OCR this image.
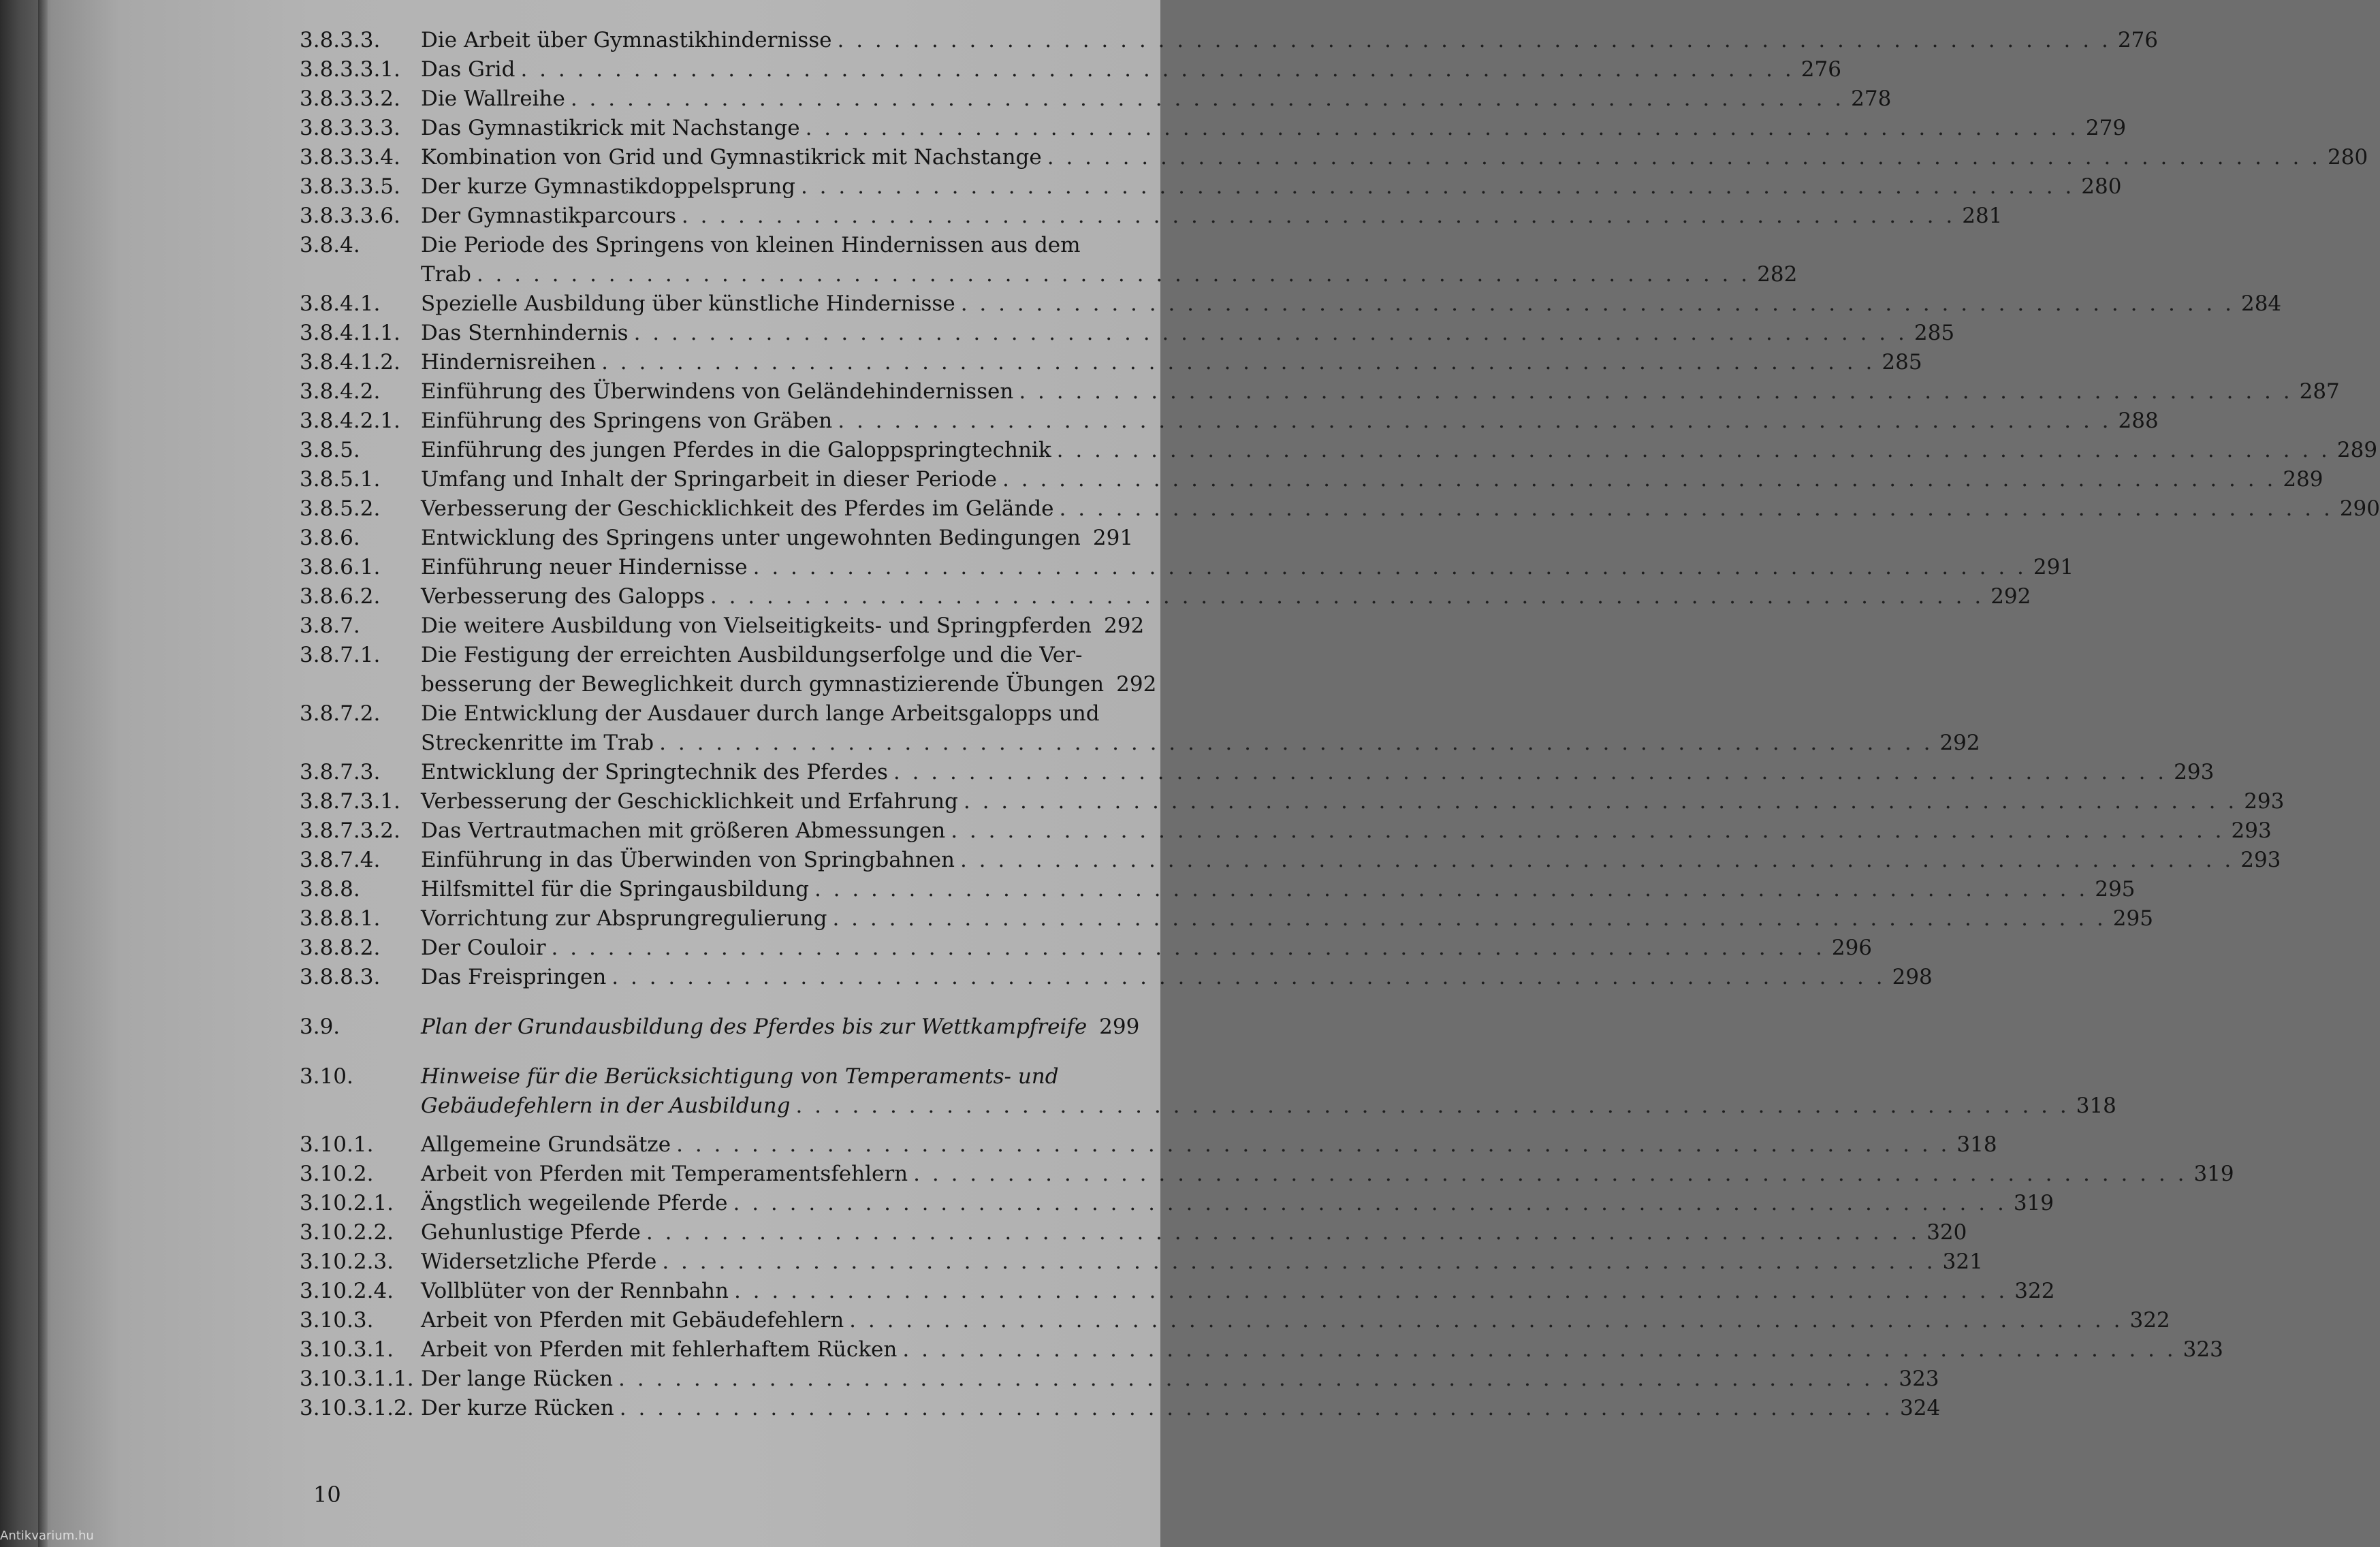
3.8.3.3. Die Arbeit über Gymnastikhindernisse . . . . . . . . . . . . . . . . . . . . . . . . . . . . . . . . . . . . . . . . . . . . . . . . . . . . . . . . . . . . . . . . . . . . 276
3.8.3.3.1. Das Grid . . . . . . . . . . . . . . . . . . . . . . . . . . . . . . . . . . . . . . . . . . . . . . . . . . . . . . . . . . . . . . . . . . . . 276
3.8.3.3.2. Die Wallreihe . . . . . . . . . . . . . . . . . . . . . . . . . . . . . . . . . . . . . . . . . . . . . . . . . . . . . . . . . . . . . . . . . . . . 278
3.8.3.3.3. Das Gymnastikrick mit Nachstange . . . . . . . . . . . . . . . . . . . . . . . . . . . . . . . . . . . . . . . . . . . . . . . . . . . . . . . . . . . . . . . . . . . . 279
3.8.3.3.4. Kombination von Grid und Gymnastikrick mit Nachstange . . . . . . . . . . . . . . . . . . . . . . . . . . . . . . . . . . . . . . . . . . . . . . . . . . . . . . . . . . . . . . . . . . . . 280
3.8.3.3.5. Der kurze Gymnastikdoppelsprung . . . . . . . . . . . . . . . . . . . . . . . . . . . . . . . . . . . . . . . . . . . . . . . . . . . . . . . . . . . . . . . . . . . . 280
3.8.3.3.6. Der Gymnastikparcours . . . . . . . . . . . . . . . . . . . . . . . . . . . . . . . . . . . . . . . . . . . . . . . . . . . . . . . . . . . . . . . . . . . . 281
3.8.4.	Die Periode des Springens von kleinen Hindernissen aus dem
Trab . . . . . . . . . . . . . . . . . . . . . . . . . . . . . . . . . . . . . . . . . . . . . . . . . . . . . . . . . . . . . . . . . . . . 282
3.8.4.1. Spezielle Ausbildung über künstliche Hindernisse . . . . . . . . . . . . . . . . . . . . . . . . . . . . . . . . . . . . . . . . . . . . . . . . . . . . . . . . . . . . . . . . . . . . 284
3.8.4.1.1. Das Sternhindernis . . . . . . . . . . . . . . . . . . . . . . . . . . . . . . . . . . . . . . . . . . . . . . . . . . . . . . . . . . . . . . . . . . . . 285
3.8.4.1.2. Hindernisreihen . . . . . . . . . . . . . . . . . . . . . . . . . . . . . . . . . . . . . . . . . . . . . . . . . . . . . . . . . . . . . . . . . . . . 285
3.8.4.2. Einführung des Überwindens von Geländehindernissen . . . . . . . . . . . . . . . . . . . . . . . . . . . . . . . . . . . . . . . . . . . . . . . . . . . . . . . . . . . . . . . . . . . . 287
3.8.4.2.1. Einführung des Springens von Gräben . . . . . . . . . . . . . . . . . . . . . . . . . . . . . . . . . . . . . . . . . . . . . . . . . . . . . . . . . . . . . . . . . . . . 288
3.8.5.	Einführung des jungen Pferdes in die Galoppspringtechnik . . . . . . . . . . . . . . . . . . . . . . . . . . . . . . . . . . . . . . . . . . . . . . . . . . . . . . . . . . . . . . . . . . . . 289
3.8.5.1. Umfang und Inhalt der Springarbeit in dieser Periode . . . . . . . . . . . . . . . . . . . . . . . . . . . . . . . . . . . . . . . . . . . . . . . . . . . . . . . . . . . . . . . . . . . . 289
3.8.5.2. Verbesserung der Geschicklichkeit des Pferdes im Gelände . . . . . . . . . . . . . . . . . . . . . . . . . . . . . . . . . . . . . . . . . . . . . . . . . . . . . . . . . . . . . . . . . . . . 290
3.8.6.	Entwicklung des Springens unter ungewohnten Bedingungen 291
3.8.6.1. Einführung neuer Hindernisse . . . . . . . . . . . . . . . . . . . . . . . . . . . . . . . . . . . . . . . . . . . . . . . . . . . . . . . . . . . . . . . . . . . . 291
3.8.6.2. Verbesserung des Galopps . . . . . . . . . . . . . . . . . . . . . . . . . . . . . . . . . . . . . . . . . . . . . . . . . . . . . . . . . . . . . . . . . . . . 292
3.8.7.	Die weitere Ausbildung von Vielseitigkeits- und Springpferden 292
3.8.7.1. Die Festigung der erreichten Ausbildungserfolge und die Ver-
besserung der Beweglichkeit durch gymnastizierende Übungen 292
3.8.7.2. Die Entwicklung der Ausdauer durch lange Arbeitsgalopps und
Streckenritte im Trab . . . . . . . . . . . . . . . . . . . . . . . . . . . . . . . . . . . . . . . . . . . . . . . . . . . . . . . . . . . . . . . . . . . . 292
3.8.7.3. Entwicklung der Springtechnik des Pferdes . . . . . . . . . . . . . . . . . . . . . . . . . . . . . . . . . . . . . . . . . . . . . . . . . . . . . . . . . . . . . . . . . . . . 293
3.8.7.3.1. Verbesserung der Geschicklichkeit und Erfahrung . . . . . . . . . . . . . . . . . . . . . . . . . . . . . . . . . . . . . . . . . . . . . . . . . . . . . . . . . . . . . . . . . . . . 293
3.8.7.3.2. Das Vertrautmachen mit größeren Abmessungen . . . . . . . . . . . . . . . . . . . . . . . . . . . . . . . . . . . . . . . . . . . . . . . . . . . . . . . . . . . . . . . . . . . . 293
3.8.7.4. Einführung in das Überwinden von Springbahnen . . . . . . . . . . . . . . . . . . . . . . . . . . . . . . . . . . . . . . . . . . . . . . . . . . . . . . . . . . . . . . . . . . . . 293
3.8.8.	Hilfsmittel für die Springausbildung . . . . . . . . . . . . . . . . . . . . . . . . . . . . . . . . . . . . . . . . . . . . . . . . . . . . . . . . . . . . . . . . . . . . 295
3.8.8.1. Vorrichtung zur Absprungregulierung . . . . . . . . . . . . . . . . . . . . . . . . . . . . . . . . . . . . . . . . . . . . . . . . . . . . . . . . . . . . . . . . . . . . 295
3.8.8.2. Der Couloir . . . . . . . . . . . . . . . . . . . . . . . . . . . . . . . . . . . . . . . . . . . . . . . . . . . . . . . . . . . . . . . . . . . . 296
3.8.8.3. Das Freispringen . . . . . . . . . . . . . . . . . . . . . . . . . . . . . . . . . . . . . . . . . . . . . . . . . . . . . . . . . . . . . . . . . . . . 298
3.9.	Plan der Grundausbildung des Pferdes bis zur Wettkampfreife 299
3.10.	Hinweise für die Berücksichtigung von Temperaments- und
Gebäudefehlern in der Ausbildung . . . . . . . . . . . . . . . . . . . . . . . . . . . . . . . . . . . . . . . . . . . . . . . . . . . . . . . . . . . . . . . . . . . . 318
3.10.1. Allgemeine Grundsätze . . . . . . . . . . . . . . . . . . . . . . . . . . . . . . . . . . . . . . . . . . . . . . . . . . . . . . . . . . . . . . . . . . . . 318
3.10.2. Arbeit von Pferden mit Temperamentsfehlern . . . . . . . . . . . . . . . . . . . . . . . . . . . . . . . . . . . . . . . . . . . . . . . . . . . . . . . . . . . . . . . . . . . . 319
3.10.2.1. Ängstlich wegeilende Pferde . . . . . . . . . . . . . . . . . . . . . . . . . . . . . . . . . . . . . . . . . . . . . . . . . . . . . . . . . . . . . . . . . . . . 319
3.10.2.2. Gehunlustige Pferde . . . . . . . . . . . . . . . . . . . . . . . . . . . . . . . . . . . . . . . . . . . . . . . . . . . . . . . . . . . . . . . . . . . . 320
3.10.2.3. Widersetzliche Pferde . . . . . . . . . . . . . . . . . . . . . . . . . . . . . . . . . . . . . . . . . . . . . . . . . . . . . . . . . . . . . . . . . . . . 321
3.10.2.4. Vollblüter von der Rennbahn . . . . . . . . . . . . . . . . . . . . . . . . . . . . . . . . . . . . . . . . . . . . . . . . . . . . . . . . . . . . . . . . . . . . 322
3.10.3. Arbeit von Pferden mit Gebäudefehlern . . . . . . . . . . . . . . . . . . . . . . . . . . . . . . . . . . . . . . . . . . . . . . . . . . . . . . . . . . . . . . . . . . . . 322
3.10.3.1. Arbeit von Pferden mit fehlerhaftem Rücken . . . . . . . . . . . . . . . . . . . . . . . . . . . . . . . . . . . . . . . . . . . . . . . . . . . . . . . . . . . . . . . . . . . . 323
3.10.3.1.1. Der lange Rücken . . . . . . . . . . . . . . . . . . . . . . . . . . . . . . . . . . . . . . . . . . . . . . . . . . . . . . . . . . . . . . . . . . . . 323
3.10.3.1.2. Der kurze Rücken . . . . . . . . . . . . . . . . . . . . . . . . . . . . . . . . . . . . . . . . . . . . . . . . . . . . . . . . . . . . . . . . . . . . 324
10
Antikvarium.hu
